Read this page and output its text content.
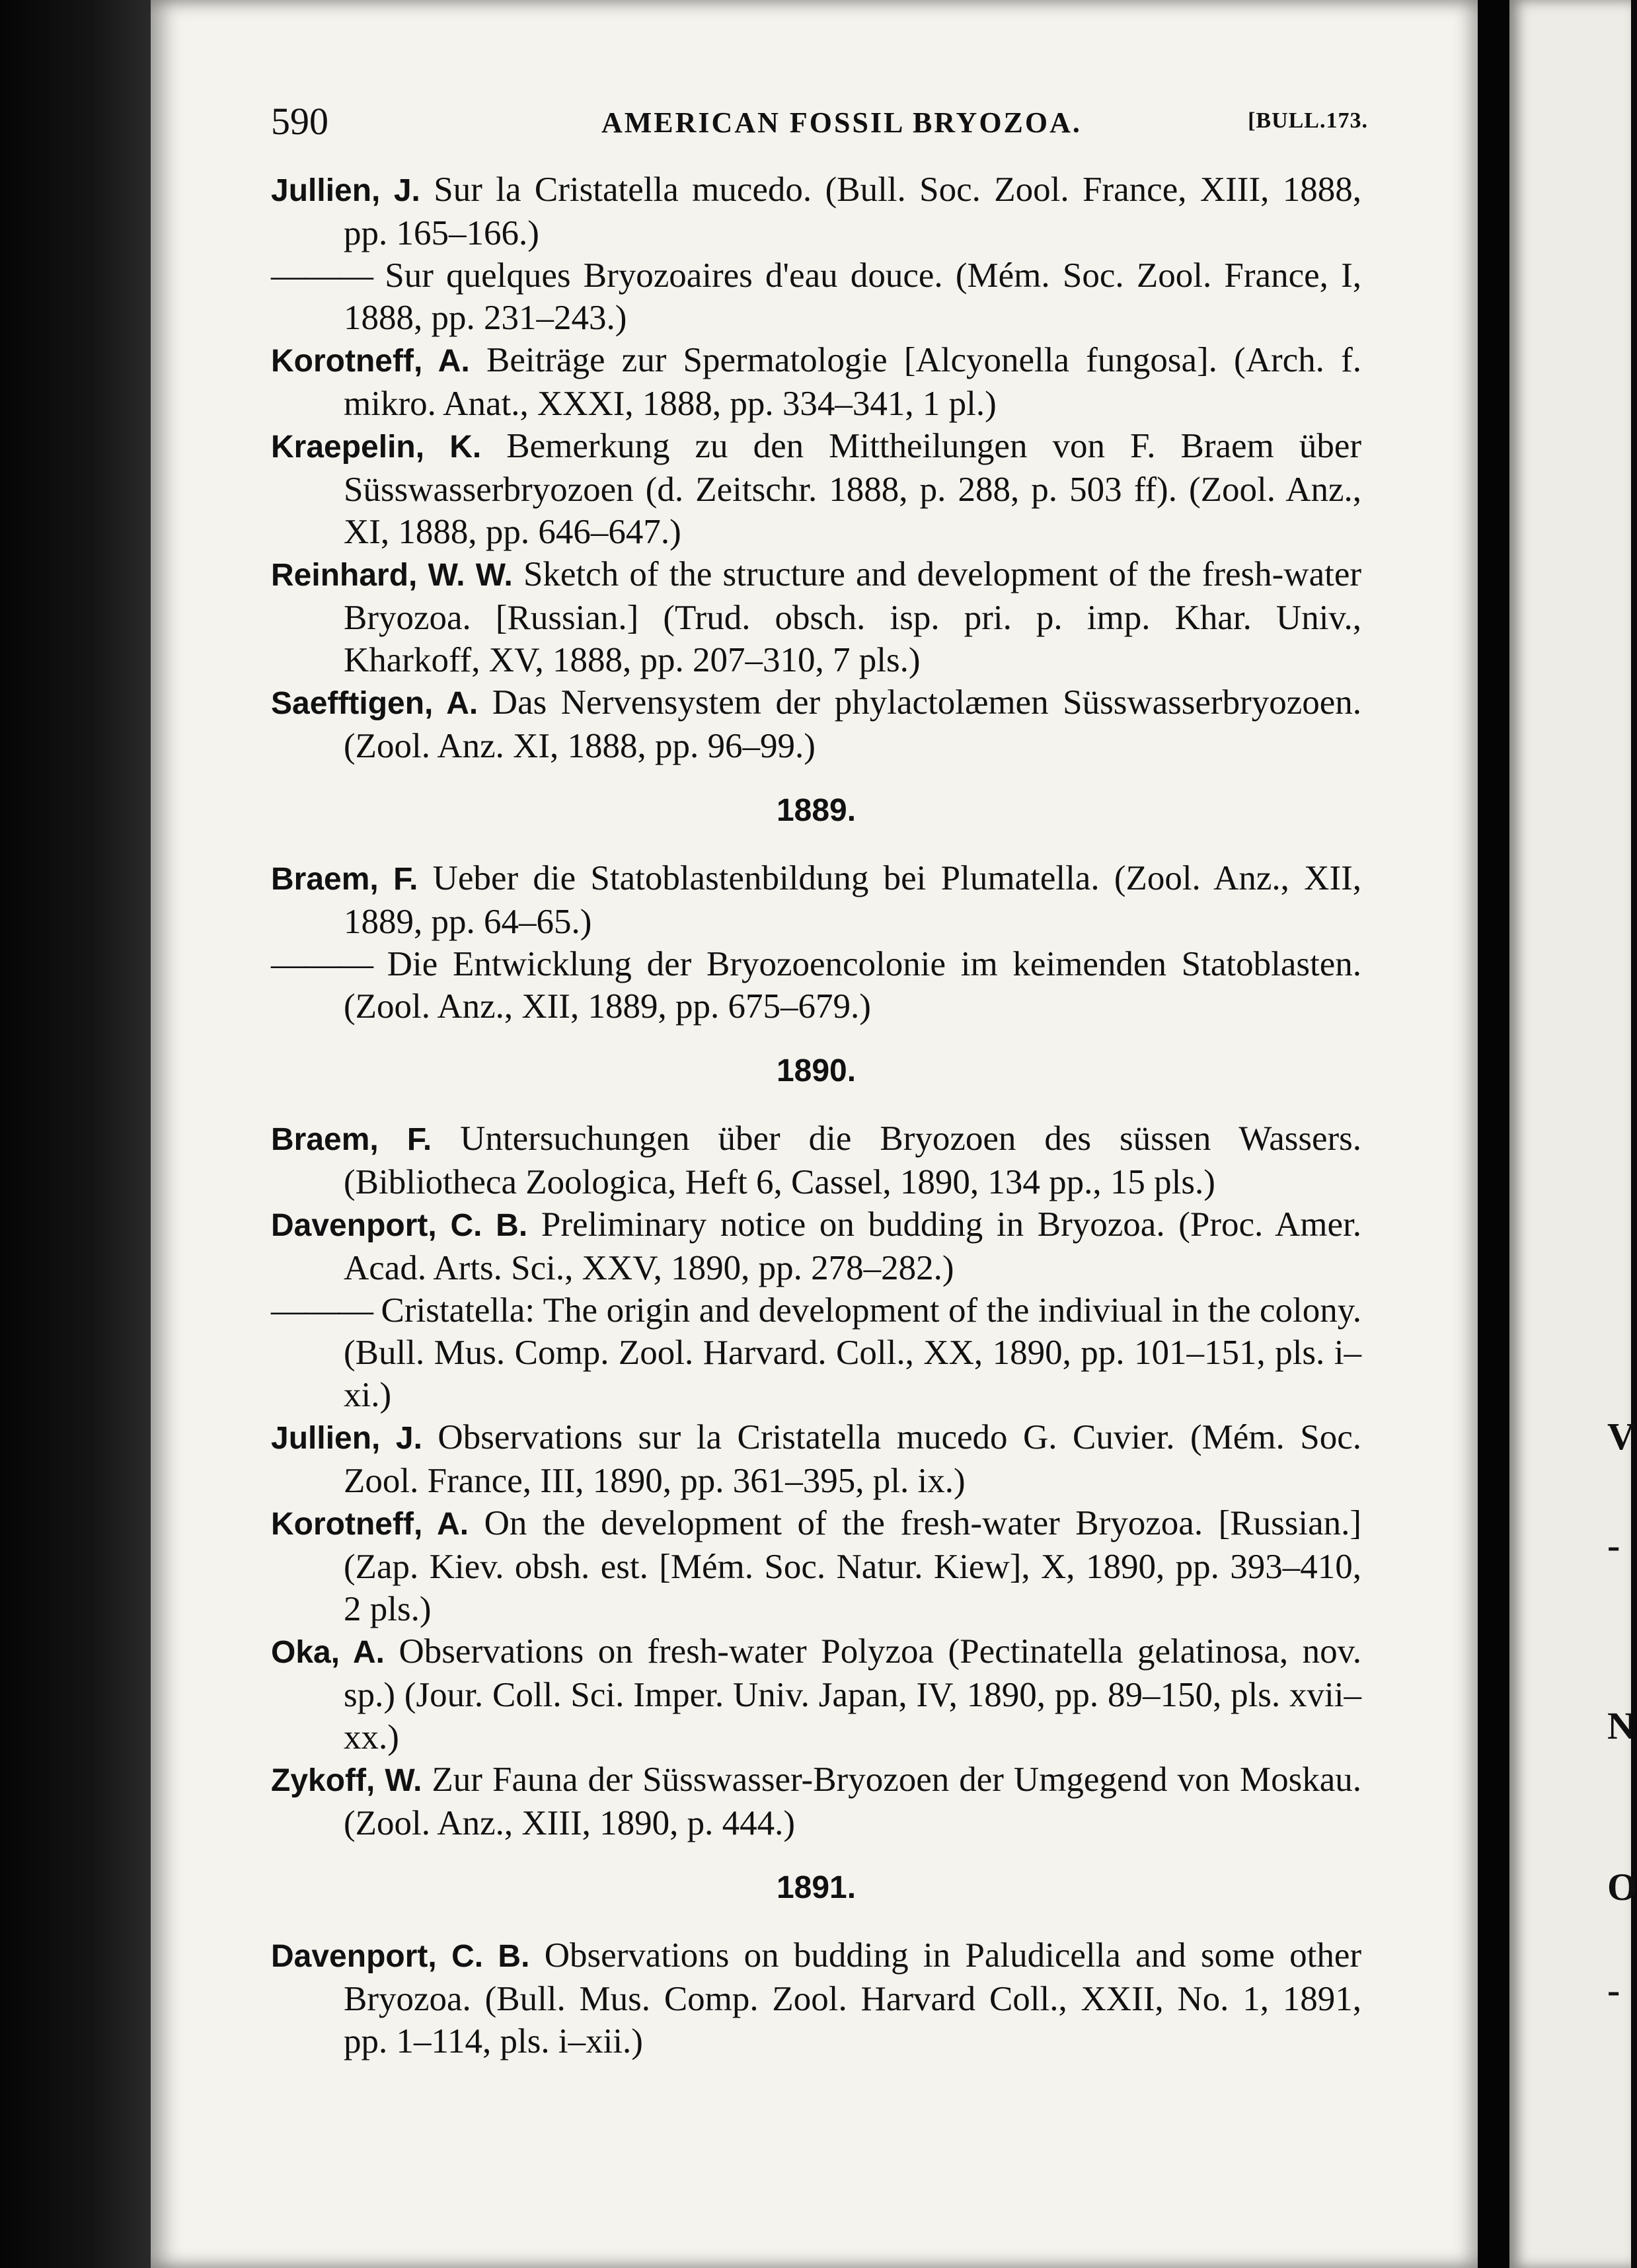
V
-
N
O
-
590	AMERICAN FOSSIL BRYOZOA.	[BULL.173.

Jullien, J. Sur la Cristatella mucedo. (Bull. Soc. Zool. France, XIII, 1888, pp. 165–166.)

——— Sur quelques Bryozoaires d'eau douce. (Mém. Soc. Zool. France, I, 1888, pp. 231–243.)

Korotneff, A. Beiträge zur Spermatologie [Alcyonella fungosa]. (Arch. f. mikro. Anat., XXXI, 1888, pp. 334–341, 1 pl.)

Kraepelin, K. Bemerkung zu den Mittheilungen von F. Braem über Süsswasserbryozoen (d. Zeitschr. 1888, p. 288, p. 503 ff). (Zool. Anz., XI, 1888, pp. 646–647.)

Reinhard, W. W. Sketch of the structure and development of the fresh-water Bryozoa. [Russian.] (Trud. obsch. isp. pri. p. imp. Khar. Univ., Kharkoff, XV, 1888, pp. 207–310, 7 pls.)

Saefftigen, A. Das Nervensystem der phylactolæmen Süsswasserbryozoen. (Zool. Anz. XI, 1888, pp. 96–99.)

1889.

Braem, F. Ueber die Statoblastenbildung bei Plumatella. (Zool. Anz., XII, 1889, pp. 64–65.)

——— Die Entwicklung der Bryozoencolonie im keimenden Statoblasten. (Zool. Anz., XII, 1889, pp. 675–679.)

1890.

Braem, F. Untersuchungen über die Bryozoen des süssen Wassers. (Bibliotheca Zoologica, Heft 6, Cassel, 1890, 134 pp., 15 pls.)

Davenport, C. B. Preliminary notice on budding in Bryozoa. (Proc. Amer. Acad. Arts. Sci., XXV, 1890, pp. 278–282.)

——— Cristatella: The origin and development of the indiviual in the colony. (Bull. Mus. Comp. Zool. Harvard. Coll., XX, 1890, pp. 101–151, pls. i–xi.)

Jullien, J. Observations sur la Cristatella mucedo G. Cuvier. (Mém. Soc. Zool. France, III, 1890, pp. 361–395, pl. ix.)

Korotneff, A. On the development of the fresh-water Bryozoa. [Russian.] (Zap. Kiev. obsh. est. [Mém. Soc. Natur. Kiew], X, 1890, pp. 393–410, 2 pls.)

Oka, A. Observations on fresh-water Polyzoa (Pectinatella gelatinosa, nov. sp.) (Jour. Coll. Sci. Imper. Univ. Japan, IV, 1890, pp. 89–150, pls. xvii–xx.)

Zykoff, W. Zur Fauna der Süsswasser-Bryozoen der Umgegend von Moskau. (Zool. Anz., XIII, 1890, p. 444.)

1891.

Davenport, C. B. Observations on budding in Paludicella and some other Bryozoa. (Bull. Mus. Comp. Zool. Harvard Coll., XXII, No. 1, 1891, pp. 1–114, pls. i–xii.)
